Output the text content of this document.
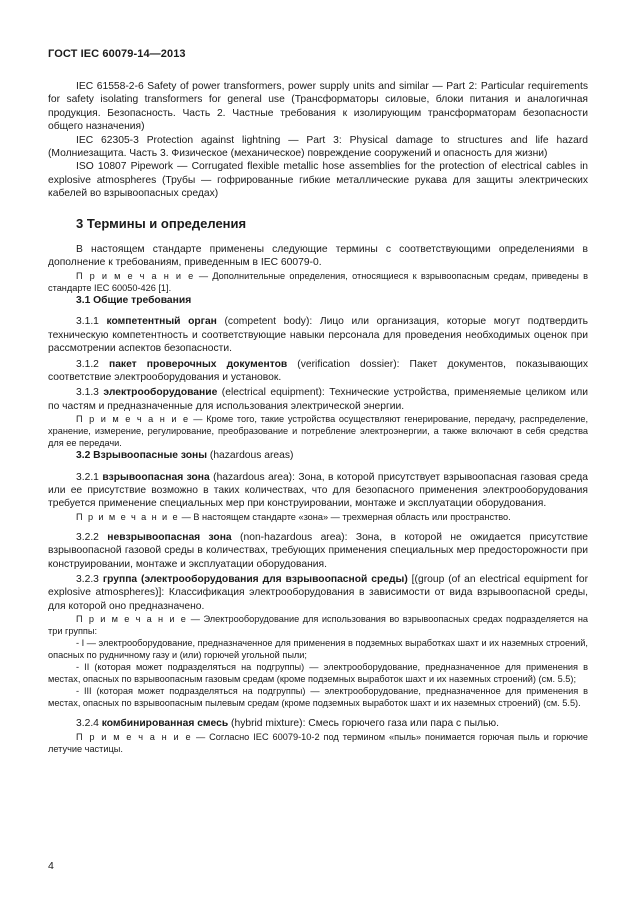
ГОСТ IEC 60079-14—2013

IEC 61558-2-6 Safety of power transformers, power supply units and similar — Part 2: Particular requirements for safety isolating transformers for general use (Трансформаторы силовые, блоки питания и аналогичная продукция. Безопасность. Часть 2. Частные требования к изолирующим трансформаторам безопасности общего назначения)

IEC 62305-3 Protection against lightning — Part 3: Physical damage to structures and life hazard (Молниезащита. Часть 3. Физическое (механическое) повреждение сооружений и опасность для жизни)

ISO 10807 Pipework — Corrugated flexible metallic hose assemblies for the protection of electrical cables in explosive atmospheres (Трубы — гофрированные гибкие металлические рукава для защиты электрических кабелей во взрывоопасных средах)

3 Термины и определения

В настоящем стандарте применены следующие термины с соответствующими определениями в дополнение к требованиям, приведенным в IEC 60079-0.

П р и м е ч а н и е — Дополнительные определения, относящиеся к взрывоопасным средам, приведены в стандарте IEC 60050-426 [1].

3.1 Общие требования

3.1.1 компетентный орган (competent body): Лицо или организация, которые могут подтвердить техническую компетентность и соответствующие навыки персонала для проведения необходимых оценок при рассмотрении аспектов безопасности.

3.1.2 пакет проверочных документов (verification dossier): Пакет документов, показывающих соответствие электрооборудования и установок.

3.1.3 электрооборудование (electrical equipment): Технические устройства, применяемые целиком или по частям и предназначенные для использования электрической энергии.

П р и м е ч а н и е — Кроме того, такие устройства осуществляют генерирование, передачу, распределение, хранение, измерение, регулирование, преобразование и потребление электроэнергии, а также включают в себя средства для ее передачи.

3.2 Взрывоопасные зоны (hazardous areas)

3.2.1 взрывоопасная зона (hazardous area): Зона, в которой присутствует взрывоопасная газовая среда или ее присутствие возможно в таких количествах, что для безопасного применения электрооборудования требуется применение специальных мер при конструировании, монтаже и эксплуатации оборудования.

П р и м е ч а н и е — В настоящем стандарте «зона» — трехмерная область или пространство.

3.2.2 невзрывоопасная зона (non-hazardous area): Зона, в которой не ожидается присутствие взрывоопасной газовой среды в количествах, требующих применения специальных мер предосторожности при конструировании, монтаже и эксплуатации оборудования.

3.2.3 группа (электрооборудования для взрывоопасной среды) [(group (of an electrical equipment for explosive atmospheres)]: Классификация электрооборудования в зависимости от вида взрывоопасной среды, для которой оно предназначено.

П р и м е ч а н и е — Электрооборудование для использования во взрывоопасных средах подразделяется на три группы:

- I — электрооборудование, предназначенное для применения в подземных выработках шахт и их наземных строений, опасных по рудничному газу и (или) горючей угольной пыли;

- II (которая может подразделяться на подгруппы) — электрооборудование, предназначенное для применения в местах, опасных по взрывоопасным газовым средам (кроме подземных выработок шахт и их наземных строений) (см. 5.5);

- III (которая может подразделяться на подгруппы) — электрооборудование, предназначенное для применения в местах, опасных по взрывоопасным пылевым средам (кроме подземных выработок шахт и их наземных строений) (см. 5.5).

3.2.4 комбинированная смесь (hybrid mixture): Смесь горючего газа или пара с пылью.

П р и м е ч а н и е — Согласно IEC 60079-10-2 под термином «пыль» понимается горючая пыль и горючие летучие частицы.

4
